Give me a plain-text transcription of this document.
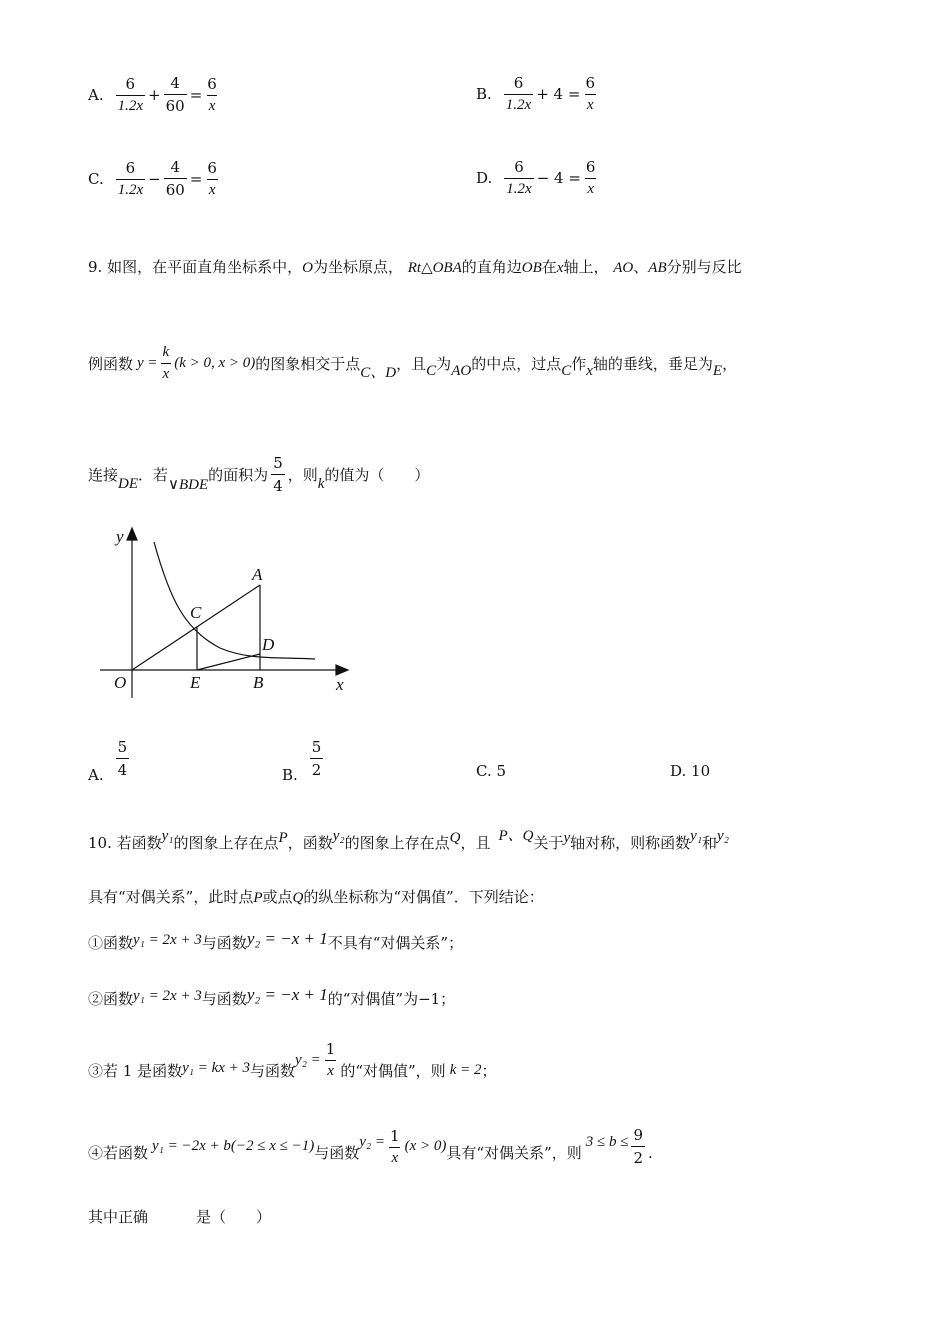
A. $\frac{6}{1.2x} + \frac{4}{60} = \frac{6}{x}$	B. $\frac{6}{1.2x} + 4 = \frac{6}{x}$
C. $\frac{6}{1.2x} - \frac{4}{60} = \frac{6}{x}$	D. $\frac{6}{1.2x} - 4 = \frac{6}{x}$
9. 如图，在平面直角坐标系中，O为坐标原点， Rt△OBA的直角边OB在x轴上， AO、AB分别与反比
例函数 $y = \frac{k}{x} (k > 0$, x > 0) 的图象相交于点 C、D ，且 C 为 AO 的中点，过点 C 作 x 轴的垂线，垂足为 E ，
连接 DE ．若
∨BDE
的面积为 $\frac{5}{4}$ ，则 k 的值为（　　）
y
x
O	E	B
A
C
D
A. $\frac{5}{4}$	B. $\frac{5}{2}$	C. 5	D. 10
10. 若函数y₁的图象上存在点P，函数y₂的图象上存在点Q，且 P、Q关于y轴对称，则称函数y₁和y₂
具有“对偶关系”，此时点P或点Q的纵坐标称为“对偶值”．下列结论：
①函数y₁ = 2x + 3与函数y₂ = −x + 1不具有“对偶关系”；
②函数y₁ = 2x + 3与函数y₂ = −x + 1的“对偶值”为−1；
③若 1 是函数 y₁ = kx + 3 与函数
$y_2 = \frac{1}{x}$ 的“对偶值”，则 k = 2 ；
④若函数 y₁ = −2x + b(−2 ≤ x ≤ −1) 与函数
$y_2 = \frac{1}{x} (x > 0)$ 具有“对偶关系”，则
$3 \le b \le \frac{9}{2}$ .
其中正确	是（　　）
